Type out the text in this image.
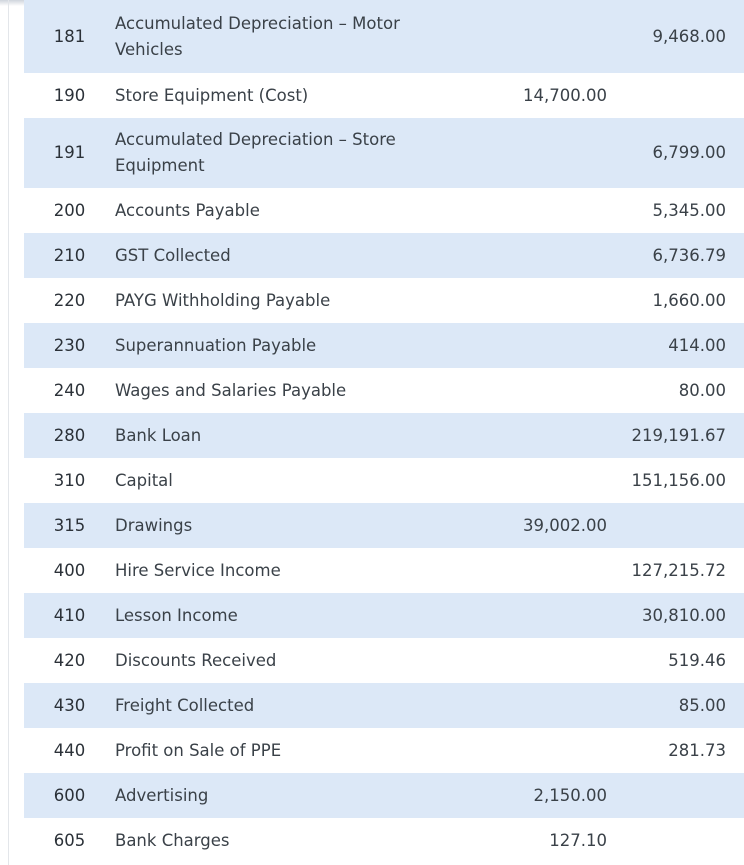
181	Accumulated Depreciation – Motor Vehicles		9,468.00	
190	Store Equipment (Cost)	14,700.00		
191	Accumulated Depreciation – Store Equipment		6,799.00	
200	Accounts Payable		5,345.00	
210	GST Collected		6,736.79	
220	PAYG Withholding Payable		1,660.00	
230	Superannuation Payable		414.00	
240	Wages and Salaries Payable		80.00	
280	Bank Loan		219,191.67	
310	Capital		151,156.00	
315	Drawings	39,002.00		
400	Hire Service Income		127,215.72	
410	Lesson Income		30,810.00	
420	Discounts Received		519.46	
430	Freight Collected		85.00	
440	Profit on Sale of PPE		281.73	
600	Advertising	2,150.00		
605	Bank Charges	127.10		
